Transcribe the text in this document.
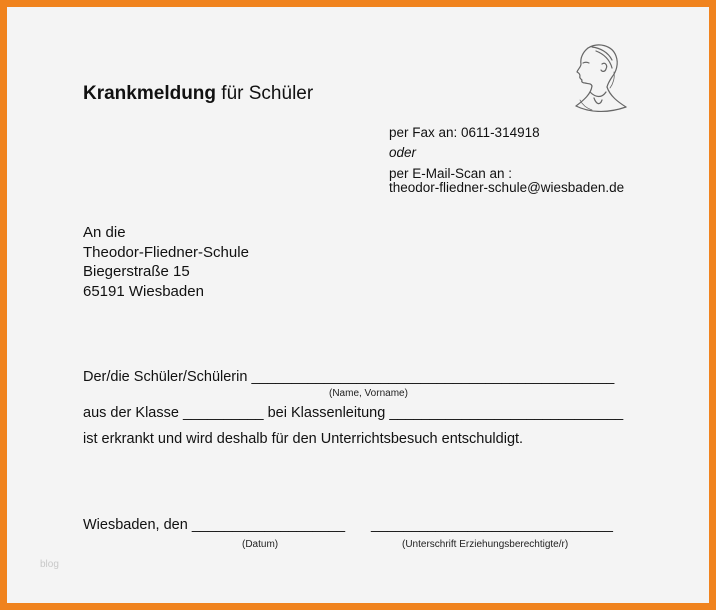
Krankmeldung für Schüler
per Fax an: 0611-314918
oder
per E-Mail-Scan an :
theodor-fliedner-schule@wiesbaden.de
An die
Theodor-Fliedner-Schule
Biegerstraße 15
65191 Wiesbaden
Der/die Schüler/Schülerin _____________________________________________
(Name, Vorname)
aus der Klasse __________ bei Klassenleitung _____________________________
ist erkrankt und wird deshalb für den Unterrichtsbesuch entschuldigt.
Wiesbaden, den ___________________ ______________________________
(Datum)	(Unterschrift Erziehungsberechtigte/r)
blog
